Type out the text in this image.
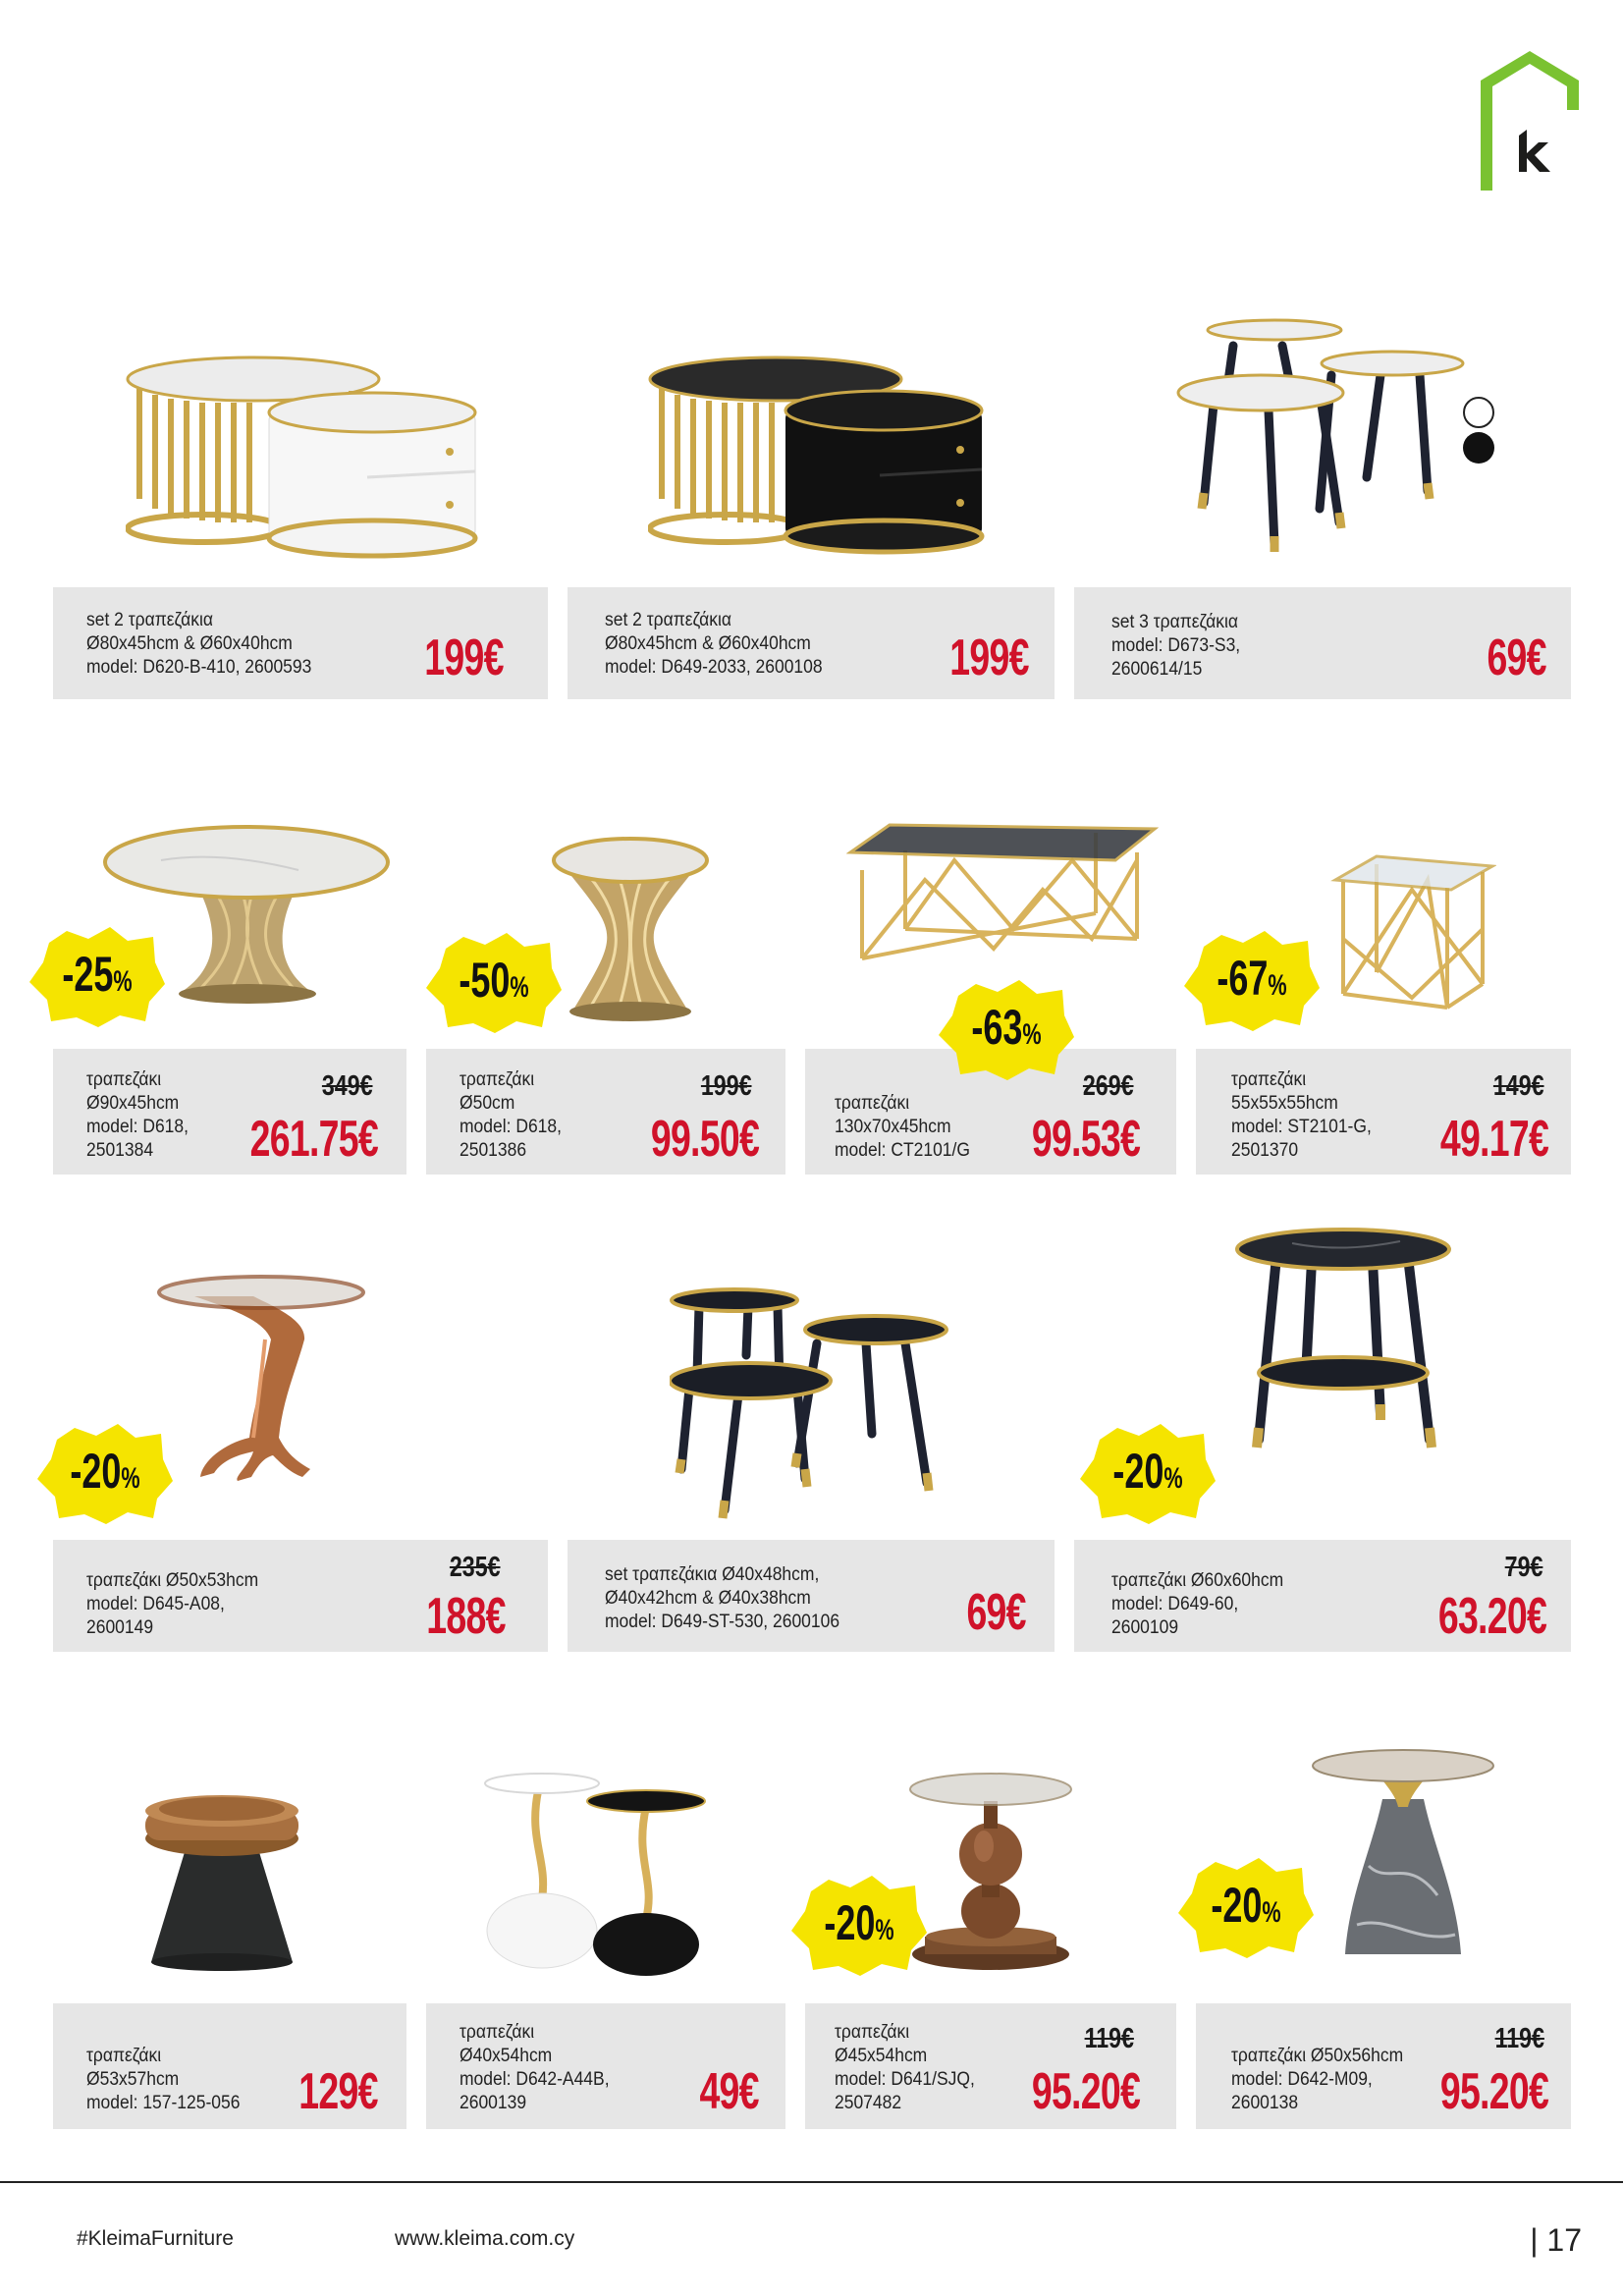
set 2 τραπεζάκια
Ø80x45hcm & Ø60x40hcm
model: D620-B-410, 2600593 199€
set 2 τραπεζάκια
Ø80x45hcm & Ø60x40hcm
model: D649-2033, 2600108 199€
set 3 τραπεζάκια
model: D673-S3,
2600614/15	69€
τραπεζάκι
Ø90x45hcm
model: D618,
2501384
349€
261.75€
τραπεζάκι
Ø50cm
model: D618,
2501386
199€
99.50€
τραπεζάκι
130x70x45hcm
model: CT2101/G
269€
99.53€
τραπεζάκι
55x55x55hcm
model: ST2101-G,
2501370
149€
49.17€
τραπεζάκι Ø50x53hcm
model: D645-A08,
2600149
235€
188€
set τραπεζάκια Ø40x48hcm,
Ø40x42hcm & Ø40x38hcm
model: D649-ST-530, 2600106 69€
τραπεζάκι Ø60x60hcm
model: D649-60,
2600109
79€
63.20€
τραπεζάκι
Ø53x57hcm
model: 157-125-056 129€
τραπεζάκι
Ø40x54hcm
model: D642-A44B,
2600139	49€
τραπεζάκι
Ø45x54hcm
model: D641/SJQ,
2507482
119€
95.20€
τραπεζάκι Ø50x56hcm
model: D642-M09,
2600138
119€
95.20€
-25%	-50%
-63%
-67%
-20%	-20%
-20%	-20%
#KleimaFurniture	www.kleima.com.cy	| 17
